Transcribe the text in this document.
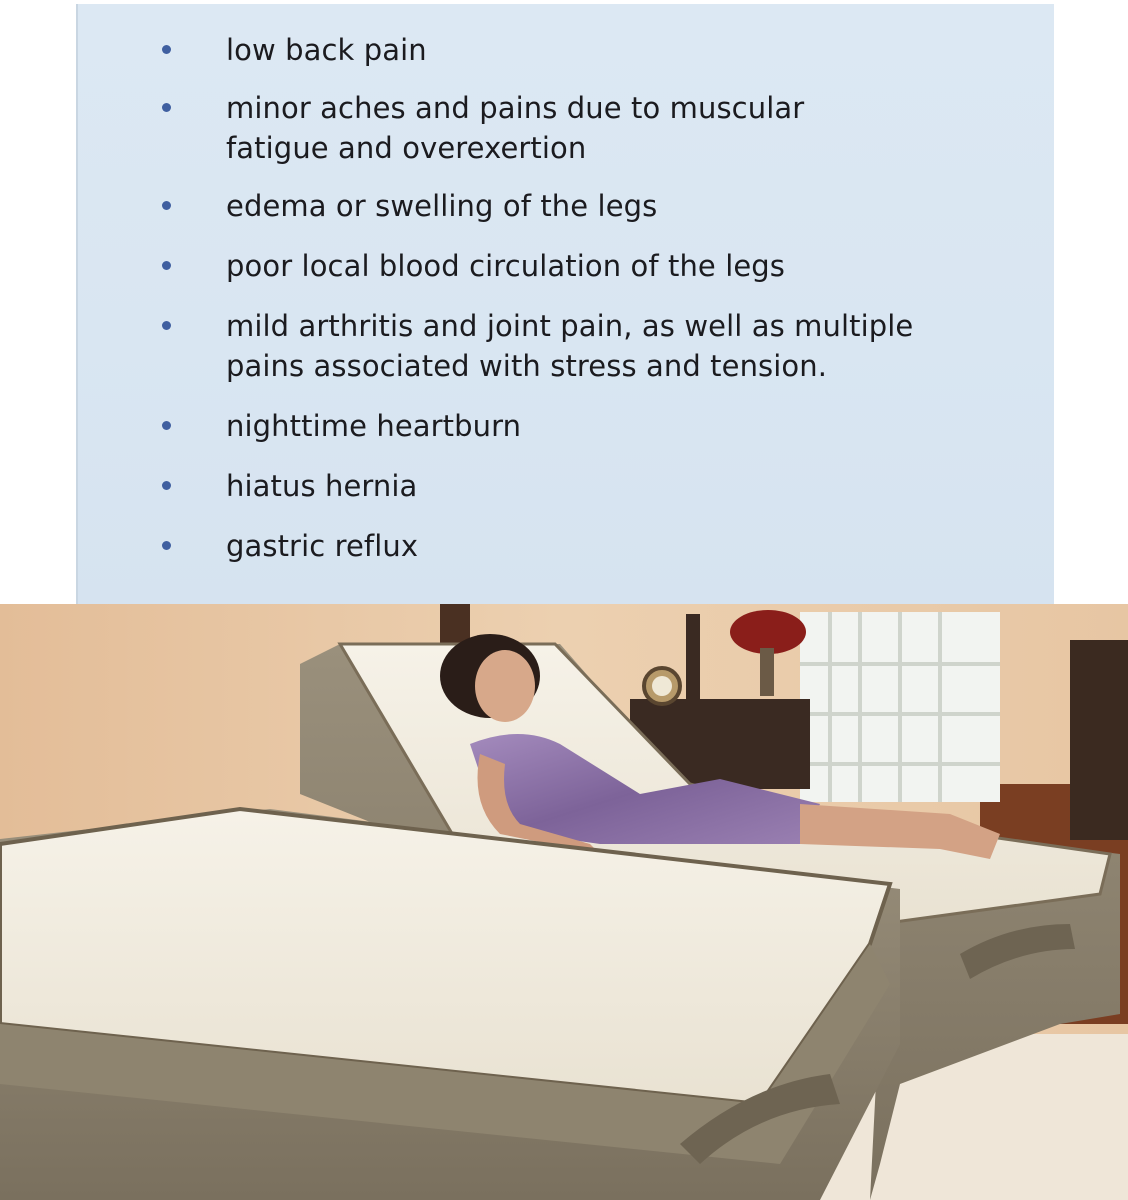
low back pain
minor aches and pains due to muscular
fatigue and overexertion
edema or swelling of the legs
poor local blood circulation of the legs
mild arthritis and joint pain, as well as multiple
pains associated with stress and tension.
nighttime heartburn
hiatus hernia
gastric reflux
